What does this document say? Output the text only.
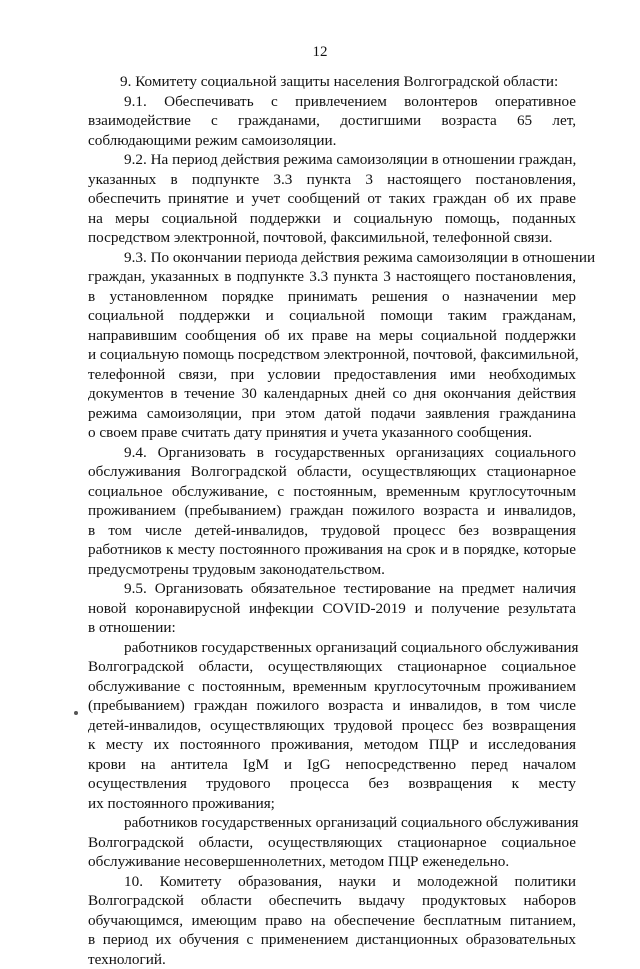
12
9. Комитету социальной защиты населения Волгоградской области:
9.1. Обеспечивать с привлечением волонтеров оперативное
взаимодействие с гражданами, достигшими возраста 65 лет,
соблюдающими режим самоизоляции.
9.2. На период действия режима самоизоляции в отношении граждан,
указанных в подпункте 3.3 пункта 3 настоящего постановления,
обеспечить принятие и учет сообщений от таких граждан об их праве
на меры социальной поддержки и социальную помощь, поданных
посредством электронной, почтовой, факсимильной, телефонной связи.
9.3. По окончании периода действия режима самоизоляции в отношении
граждан, указанных в подпункте 3.3 пункта 3 настоящего постановления,
в установленном порядке принимать решения о назначении мер
социальной поддержки и социальной помощи таким гражданам,
направившим сообщения об их праве на меры социальной поддержки
и социальную помощь посредством электронной, почтовой, факсимильной,
телефонной связи, при условии предоставления ими необходимых
документов в течение 30 календарных дней со дня окончания действия
режима самоизоляции, при этом датой подачи заявления гражданина
о своем праве считать дату принятия и учета указанного сообщения.
9.4. Организовать в государственных организациях социального
обслуживания Волгоградской области, осуществляющих стационарное
социальное обслуживание, с постоянным, временным круглосуточным
проживанием (пребыванием) граждан пожилого возраста и инвалидов,
в том числе детей-инвалидов, трудовой процесс без возвращения
работников к месту постоянного проживания на срок и в порядке, которые
предусмотрены трудовым законодательством.
9.5. Организовать обязательное тестирование на предмет наличия
новой коронавирусной инфекции COVID-2019 и получение результата
в отношении:
работников государственных организаций социального обслуживания
Волгоградской области, осуществляющих стационарное социальное
обслуживание с постоянным, временным круглосуточным проживанием
(пребыванием) граждан пожилого возраста и инвалидов, в том числе
детей-инвалидов, осуществляющих трудовой процесс без возвращения
к месту их постоянного проживания, методом ПЦР и исследования
крови на антитела IgM и IgG непосредственно перед началом
осуществления трудового процесса без возвращения к месту
их постоянного проживания;
работников государственных организаций социального обслуживания
Волгоградской области, осуществляющих стационарное социальное
обслуживание несовершеннолетних, методом ПЦР еженедельно.
10. Комитету образования, науки и молодежной политики
Волгоградской области обеспечить выдачу продуктовых наборов
обучающимся, имеющим право на обеспечение бесплатным питанием,
в период их обучения с применением дистанционных образовательных
технологий.
